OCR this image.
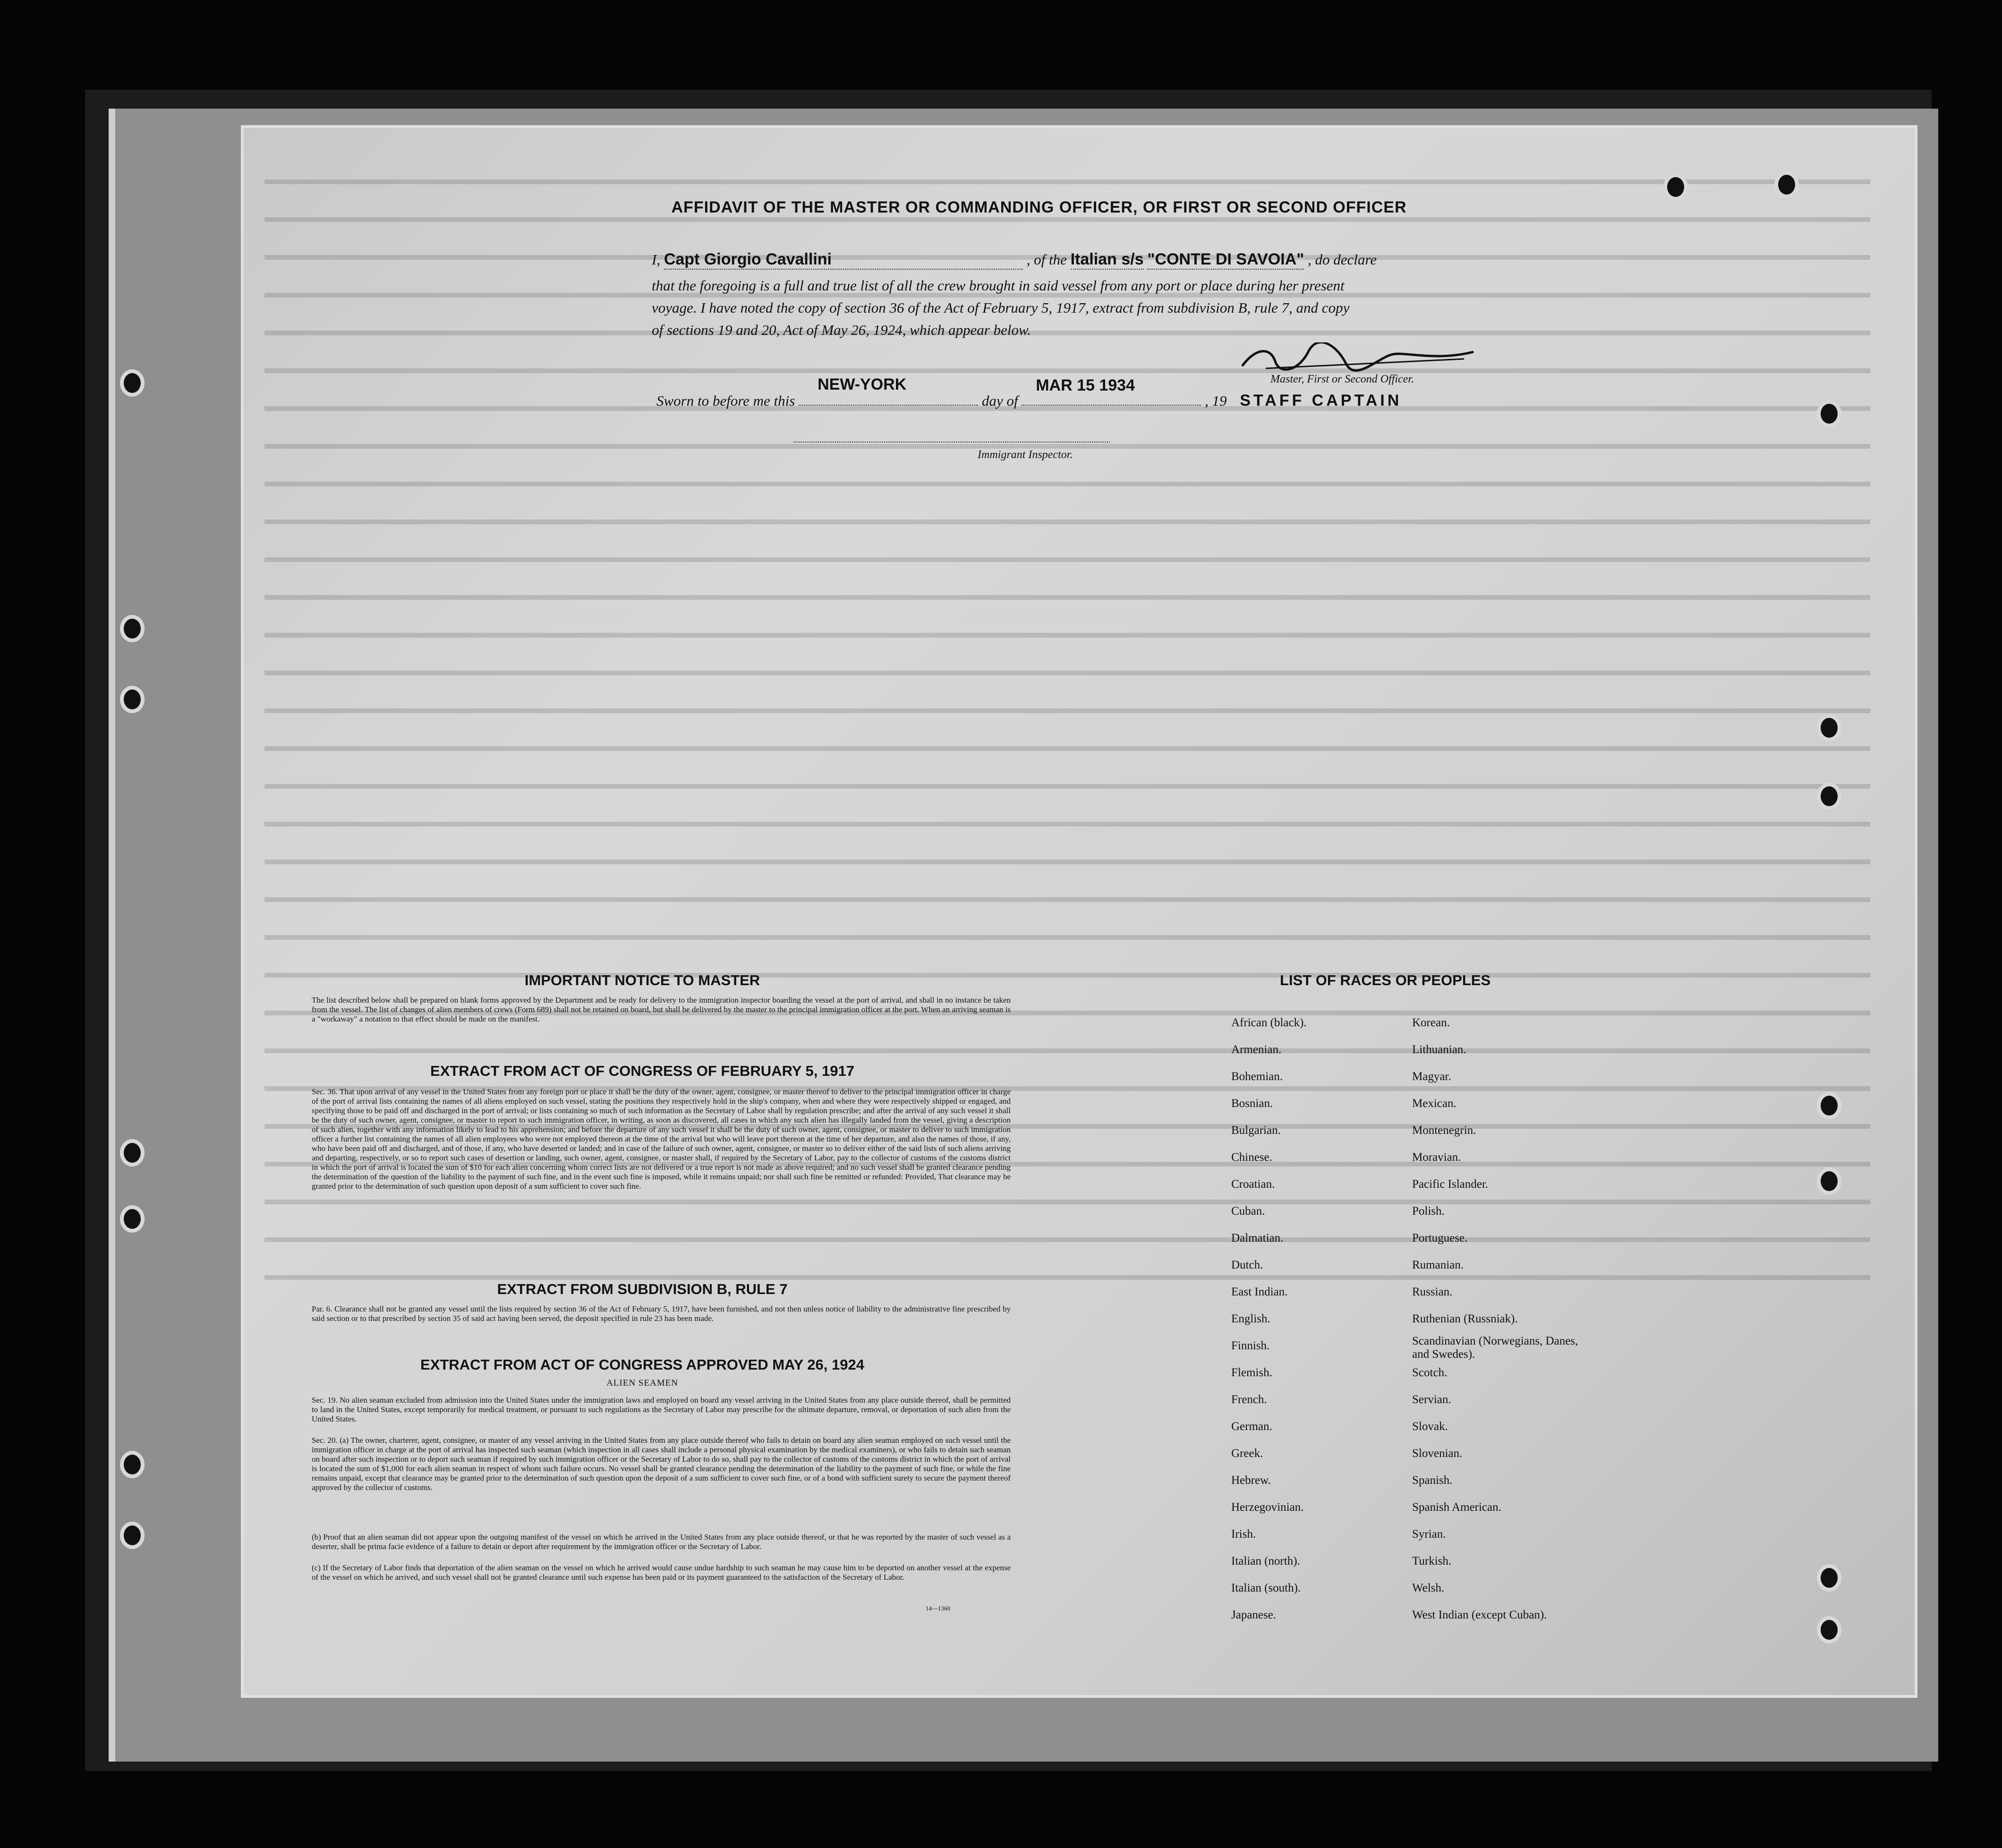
AFFIDAVIT OF THE MASTER OR COMMANDING OFFICER, OR FIRST OR SECOND OFFICER
I, Capt Giorgio Cavallini	, of the Italian s/s "CONTE DI SAVOIA" , do declare
that the foregoing is a full and true list of all the crew brought in said vessel from any port or place during her present
voyage. I have noted the copy of section 36 of the Act of February 5, 1917, extract from subdivision B, rule 7, and copy
of sections 19 and 20, Act of May 26, 1924, which appear below.
Master, First or Second Officer.
Sworn to before me this
NEW-YORK
day of
MAR 15 1934
, 19 STAFF CAPTAIN
Immigrant Inspector.
IMPORTANT NOTICE TO MASTER
The list described below shall be prepared on blank forms approved by the Department and be ready for delivery to the immigration inspector boarding the vessel at the port of arrival, and shall in no instance be taken from the vessel. The list of changes of alien members of crews (Form 689) shall not be retained on board, but shall be delivered by the master to the principal immigration officer at the port. When an arriving seaman is a "workaway" a notation to that effect should be made on the manifest.
EXTRACT FROM ACT OF CONGRESS OF FEBRUARY 5, 1917
Sec. 36. That upon arrival of any vessel in the United States from any foreign port or place it shall be the duty of the owner, agent, consignee, or master thereof to deliver to the principal immigration officer in charge of the port of arrival lists containing the names of all aliens employed on such vessel, stating the positions they respectively hold in the ship's company, when and where they were respectively shipped or engaged, and specifying those to be paid off and discharged in the port of arrival; or lists containing so much of such information as the Secretary of Labor shall by regulation prescribe; and after the arrival of any such vessel it shall be the duty of such owner, agent, consignee, or master to report to such immigration officer, in writing, as soon as discovered, all cases in which any such alien has illegally landed from the vessel, giving a description of such alien, together with any information likely to lead to his apprehension; and before the departure of any such vessel it shall be the duty of such owner, agent, consignee, or master to deliver to such immigration officer a further list containing the names of all alien employees who were not employed thereon at the time of the arrival but who will leave port thereon at the time of her departure, and also the names of those, if any, who have been paid off and discharged, and of those, if any, who have deserted or landed; and in case of the failure of such owner, agent, consignee, or master so to deliver either of the said lists of such aliens arriving and departing, respectively, or so to report such cases of desertion or landing, such owner, agent, consignee, or master shall, if required by the Secretary of Labor, pay to the collector of customs of the customs district in which the port of arrival is located the sum of $10 for each alien concerning whom correct lists are not delivered or a true report is not made as above required; and no such vessel shall be granted clearance pending the determination of the question of the liability to the payment of such fine, and in the event such fine is imposed, while it remains unpaid; nor shall such fine be remitted or refunded: Provided, That clearance may be granted prior to the determination of such question upon deposit of a sum sufficient to cover such fine.
EXTRACT FROM SUBDIVISION B, RULE 7
Par. 6. Clearance shall not be granted any vessel until the lists required by section 36 of the Act of February 5, 1917, have been furnished, and not then unless notice of liability to the administrative fine prescribed by said section or to that prescribed by section 35 of said act having been served, the deposit specified in rule 23 has been made.
EXTRACT FROM ACT OF CONGRESS APPROVED MAY 26, 1924
ALIEN SEAMEN
Sec. 19. No alien seaman excluded from admission into the United States under the immigration laws and employed on board any vessel arriving in the United States from any place outside thereof, shall be permitted to land in the United States, except temporarily for medical treatment, or pursuant to such regulations as the Secretary of Labor may prescribe for the ultimate departure, removal, or deportation of such alien from the United States.
Sec. 20. (a) The owner, charterer, agent, consignee, or master of any vessel arriving in the United States from any place outside thereof who fails to detain on board any alien seaman employed on such vessel until the immigration officer in charge at the port of arrival has inspected such seaman (which inspection in all cases shall include a personal physical examination by the medical examiners), or who fails to detain such seaman on board after such inspection or to deport such seaman if required by such immigration officer or the Secretary of Labor to do so, shall pay to the collector of customs of the customs district in which the port of arrival is located the sum of $1,000 for each alien seaman in respect of whom such failure occurs. No vessel shall be granted clearance pending the determination of the liability to the payment of such fine, or while the fine remains unpaid, except that clearance may be granted prior to the determination of such question upon the deposit of a sum sufficient to cover such fine, or of a bond with sufficient surety to secure the payment thereof approved by the collector of customs.
(b) Proof that an alien seaman did not appear upon the outgoing manifest of the vessel on which he arrived in the United States from any place outside thereof, or that he was reported by the master of such vessel as a deserter, shall be prima facie evidence of a failure to detain or deport after requirement by the immigration officer or the Secretary of Labor.
(c) If the Secretary of Labor finds that deportation of the alien seaman on the vessel on which he arrived would cause undue hardship to such seaman he may cause him to be deported on another vessel at the expense of the vessel on which he arrived, and such vessel shall not be granted clearance until such expense has been paid or its payment guaranteed to the satisfaction of the Secretary of Labor.
14—1360
LIST OF RACES OR PEOPLES
African (black).
Armenian.
Bohemian.
Bosnian.
Bulgarian.
Chinese.
Croatian.
Cuban.
Dalmatian.
Dutch.
East Indian.
English.
Finnish.
Flemish.
French.
German.
Greek.
Hebrew.
Herzegovinian.
Irish.
Italian (north).
Italian (south).
Japanese.
Korean.
Lithuanian.
Magyar.
Mexican.
Montenegrin.
Moravian.
Pacific Islander.
Polish.
Portuguese.
Rumanian.
Russian.
Ruthenian (Russniak).
Scandinavian (Norwegians, Danes, and Swedes).
Scotch.
Servian.
Slovak.
Slovenian.
Spanish.
Spanish American.
Syrian.
Turkish.
Welsh.
West Indian (except Cuban).
